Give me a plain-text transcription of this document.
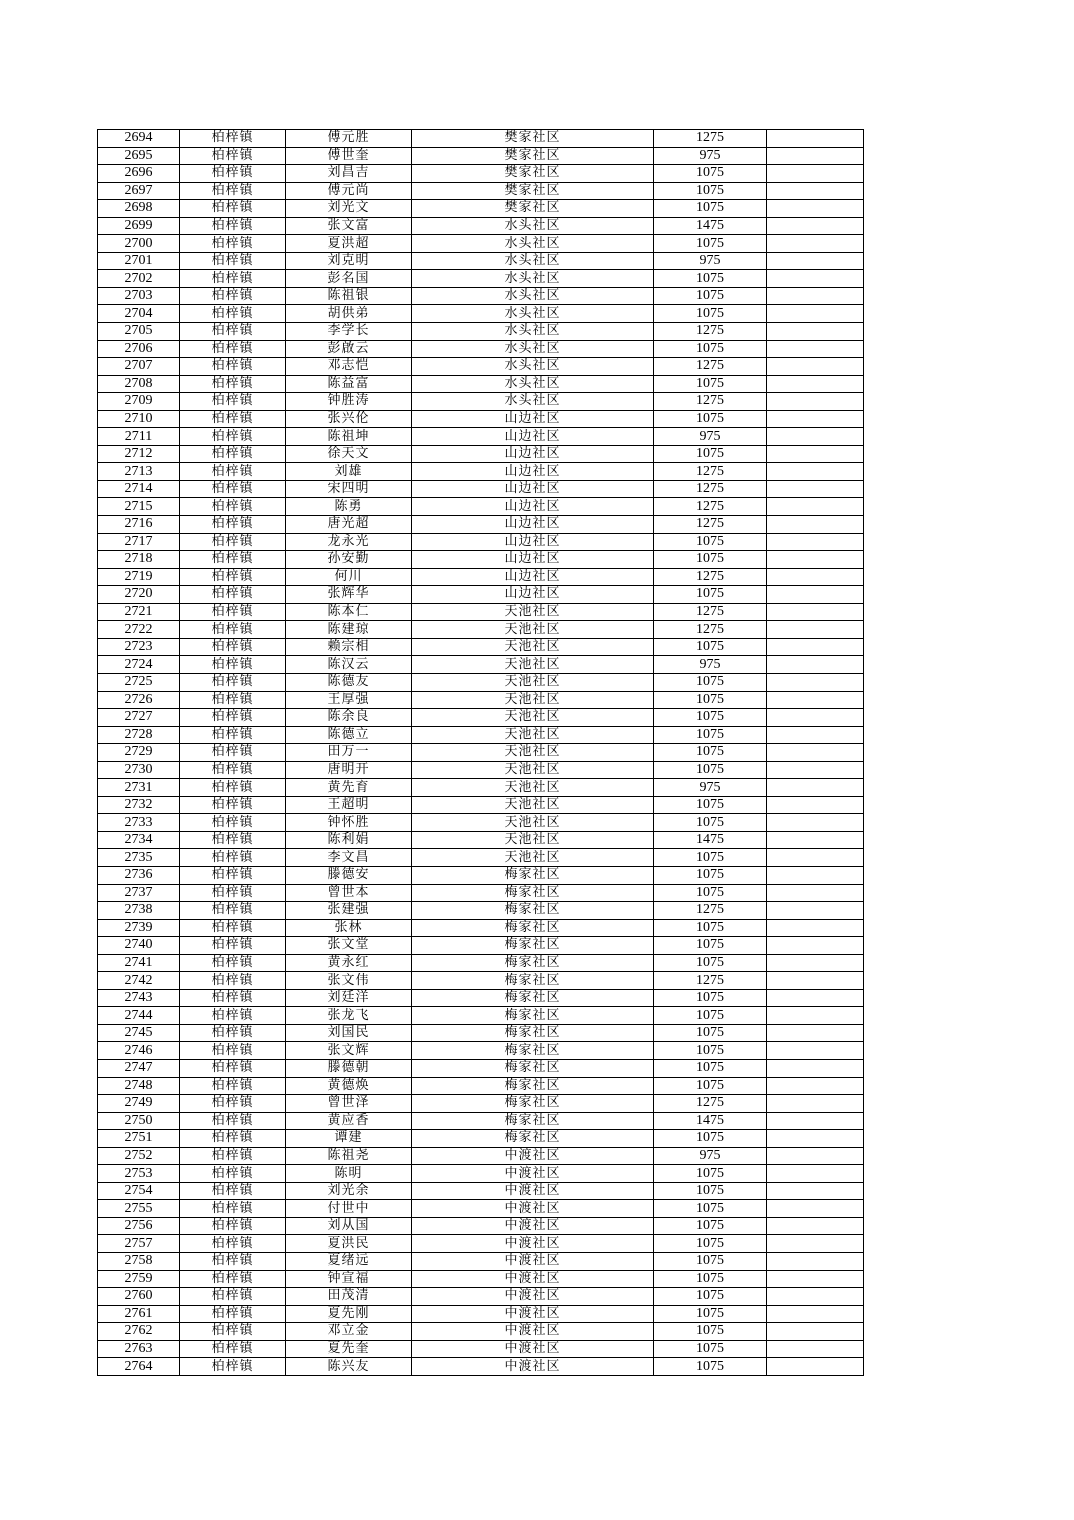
2694	柏梓镇	傅元胜	樊家社区	1275	
2695	柏梓镇	傅世奎	樊家社区	975	
2696	柏梓镇	刘昌吉	樊家社区	1075	
2697	柏梓镇	傅元尚	樊家社区	1075	
2698	柏梓镇	刘光文	樊家社区	1075	
2699	柏梓镇	张文富	水头社区	1475	
2700	柏梓镇	夏洪超	水头社区	1075	
2701	柏梓镇	刘克明	水头社区	975	
2702	柏梓镇	彭名国	水头社区	1075	
2703	柏梓镇	陈祖银	水头社区	1075	
2704	柏梓镇	胡供弟	水头社区	1075	
2705	柏梓镇	李学长	水头社区	1275	
2706	柏梓镇	彭啟云	水头社区	1075	
2707	柏梓镇	邓志恺	水头社区	1275	
2708	柏梓镇	陈益富	水头社区	1075	
2709	柏梓镇	钟胜涛	水头社区	1275	
2710	柏梓镇	张兴伦	山边社区	1075	
2711	柏梓镇	陈祖坤	山边社区	975	
2712	柏梓镇	徐天文	山边社区	1075	
2713	柏梓镇	刘雄	山边社区	1275	
2714	柏梓镇	宋四明	山边社区	1275	
2715	柏梓镇	陈勇	山边社区	1275	
2716	柏梓镇	唐光超	山边社区	1275	
2717	柏梓镇	龙永光	山边社区	1075	
2718	柏梓镇	孙安勤	山边社区	1075	
2719	柏梓镇	何川	山边社区	1275	
2720	柏梓镇	张辉华	山边社区	1075	
2721	柏梓镇	陈本仁	天池社区	1275	
2722	柏梓镇	陈建琼	天池社区	1275	
2723	柏梓镇	赖宗相	天池社区	1075	
2724	柏梓镇	陈汉云	天池社区	975	
2725	柏梓镇	陈德友	天池社区	1075	
2726	柏梓镇	王厚强	天池社区	1075	
2727	柏梓镇	陈余良	天池社区	1075	
2728	柏梓镇	陈德立	天池社区	1075	
2729	柏梓镇	田万一	天池社区	1075	
2730	柏梓镇	唐明开	天池社区	1075	
2731	柏梓镇	黄先育	天池社区	975	
2732	柏梓镇	王超明	天池社区	1075	
2733	柏梓镇	钟怀胜	天池社区	1075	
2734	柏梓镇	陈利娟	天池社区	1475	
2735	柏梓镇	李文昌	天池社区	1075	
2736	柏梓镇	滕德安	梅家社区	1075	
2737	柏梓镇	曾世本	梅家社区	1075	
2738	柏梓镇	张建强	梅家社区	1275	
2739	柏梓镇	张林	梅家社区	1075	
2740	柏梓镇	张文堂	梅家社区	1075	
2741	柏梓镇	黄永红	梅家社区	1075	
2742	柏梓镇	张文伟	梅家社区	1275	
2743	柏梓镇	刘廷洋	梅家社区	1075	
2744	柏梓镇	张龙飞	梅家社区	1075	
2745	柏梓镇	刘国民	梅家社区	1075	
2746	柏梓镇	张文辉	梅家社区	1075	
2747	柏梓镇	滕德朝	梅家社区	1075	
2748	柏梓镇	黄德焕	梅家社区	1075	
2749	柏梓镇	曾世泽	梅家社区	1275	
2750	柏梓镇	黄应香	梅家社区	1475	
2751	柏梓镇	谭建	梅家社区	1075	
2752	柏梓镇	陈祖尧	中渡社区	975	
2753	柏梓镇	陈明	中渡社区	1075	
2754	柏梓镇	刘光余	中渡社区	1075	
2755	柏梓镇	付世中	中渡社区	1075	
2756	柏梓镇	刘从国	中渡社区	1075	
2757	柏梓镇	夏洪民	中渡社区	1075	
2758	柏梓镇	夏绪远	中渡社区	1075	
2759	柏梓镇	钟宣福	中渡社区	1075	
2760	柏梓镇	田茂清	中渡社区	1075	
2761	柏梓镇	夏先刚	中渡社区	1075	
2762	柏梓镇	邓立金	中渡社区	1075	
2763	柏梓镇	夏先奎	中渡社区	1075	
2764	柏梓镇	陈兴友	中渡社区	1075	
